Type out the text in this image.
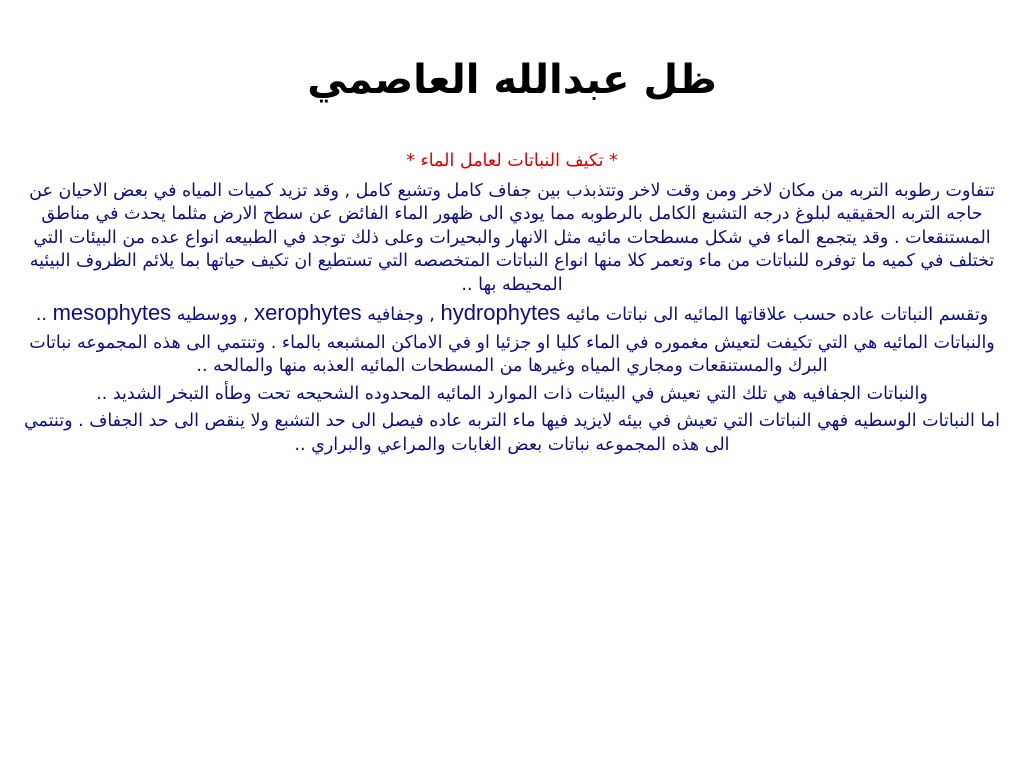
ظل عبدالله العاصمي

* تكيف النباتات لعامل الماء *

تتفاوت رطوبه التربه من مكان لاخر ومن وقت لاخر وتتذبذب بين جفاف كامل وتشبع كامل , وقد تزيد كميات المياه في بعض الاحيان عن حاجه التربه الحقيقيه لبلوغ درجه التشبع الكامل بالرطوبه مما يودي الى ظهور الماء الفائض عن سطح الارض مثلما يحدث في مناطق المستنقعات . وقد يتجمع الماء في شكل مسطحات مائيه مثل الانهار والبحيرات وعلى ذلك توجد في الطبيعه انواع عده من البيئات التي تختلف في كميه ما توفره للنباتات من ماء وتعمر كلا منها انواع النباتات المتخصصه التي تستطيع ان تكيف حياتها بما يلائم الظروف البيئيه المحيطه بها ..

وتقسم النباتات عاده حسب علاقاتها المائيه الى نباتات مائيه hydrophytes , وجفافيه xerophytes , ووسطيه mesophytes ..

والنباتات المائيه هي التي تكيفت لتعيش مغموره في الماء كليا او جزئيا او في الاماكن المشبعه بالماء . وتنتمي الى هذه المجموعه نباتات البرك والمستنقعات ومجاري المياه وغيرها من المسطحات المائيه العذبه منها والمالحه ..

والنباتات الجفافيه هي تلك التي تعيش في البيئات ذات الموارد المائيه المحدوده الشحيحه تحت وطأه التبخر الشديد ..

اما النباتات الوسطيه فهي النباتات التي تعيش في بيئه لايزيد فيها ماء التربه عاده فيصل الى حد التشبع ولا ينقص الى حد الجفاف . وتنتمي الى هذه المجموعه نباتات بعض الغابات والمراعي والبراري ..
